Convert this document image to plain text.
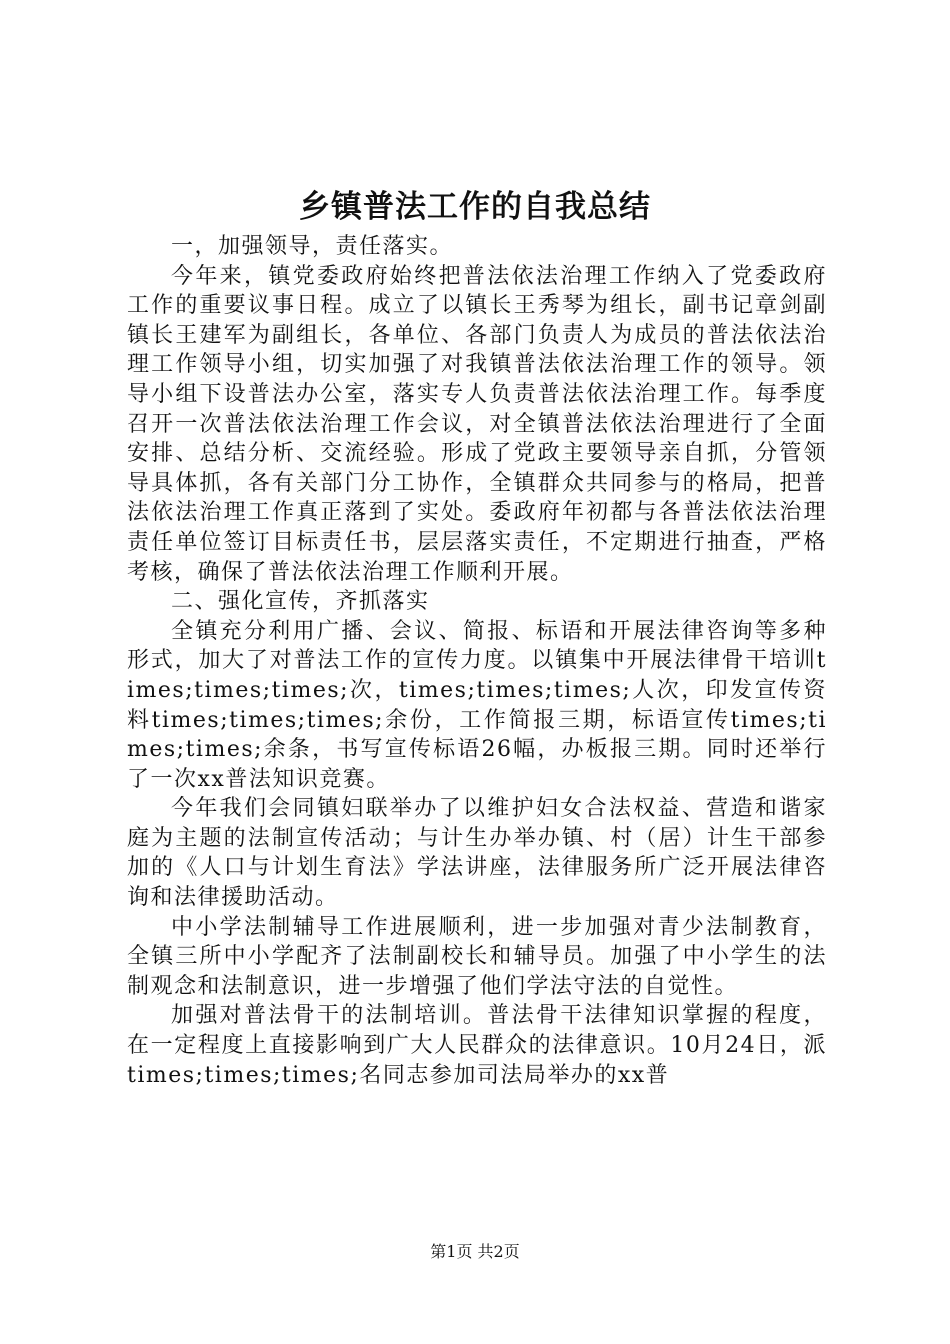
乡镇普法工作的自我总结

一，加强领导，责任落实。

今年来，镇党委政府始终把普法依法治理工作纳入了党委政府工作的重要议事日程。成立了以镇长王秀琴为组长，副书记章剑副镇长王建军为副组长，各单位、各部门负责人为成员的普法依法治理工作领导小组，切实加强了对我镇普法依法治理工作的领导。领导小组下设普法办公室，落实专人负责普法依法治理工作。每季度召开一次普法依法治理工作会议，对全镇普法依法治理进行了全面安排、总结分析、交流经验。形成了党政主要领导亲自抓，分管领导具体抓，各有关部门分工协作，全镇群众共同参与的格局，把普法依法治理工作真正落到了实处。委政府年初都与各普法依法治理责任单位签订目标责任书，层层落实责任，不定期进行抽查，严格考核，确保了普法依法治理工作顺利开展。

二、强化宣传，齐抓落实

全镇充分利用广播、会议、简报、标语和开展法律咨询等多种形式，加大了对普法工作的宣传力度。以镇集中开展法律骨干培训times;times;times;次，times;times;times;人次，印发宣传资料times;times;times;余份，工作简报三期，标语宣传times;times;times;余条，书写宣传标语26幅，办板报三期。同时还举行了一次xx普法知识竞赛。

今年我们会同镇妇联举办了以维护妇女合法权益、营造和谐家庭为主题的法制宣传活动；与计生办举办镇、村（居）计生干部参加的《人口与计划生育法》学法讲座，法律服务所广泛开展法律咨询和法律援助活动。

中小学法制辅导工作进展顺利，进一步加强对青少法制教育，全镇三所中小学配齐了法制副校长和辅导员。加强了中小学生的法制观念和法制意识，进一步增强了他们学法守法的自觉性。

加强对普法骨干的法制培训。普法骨干法律知识掌握的程度，在一定程度上直接影响到广大人民群众的法律意识。10月24日，派times;times;times;名同志参加司法局举办的xx普

第1页 共2页
